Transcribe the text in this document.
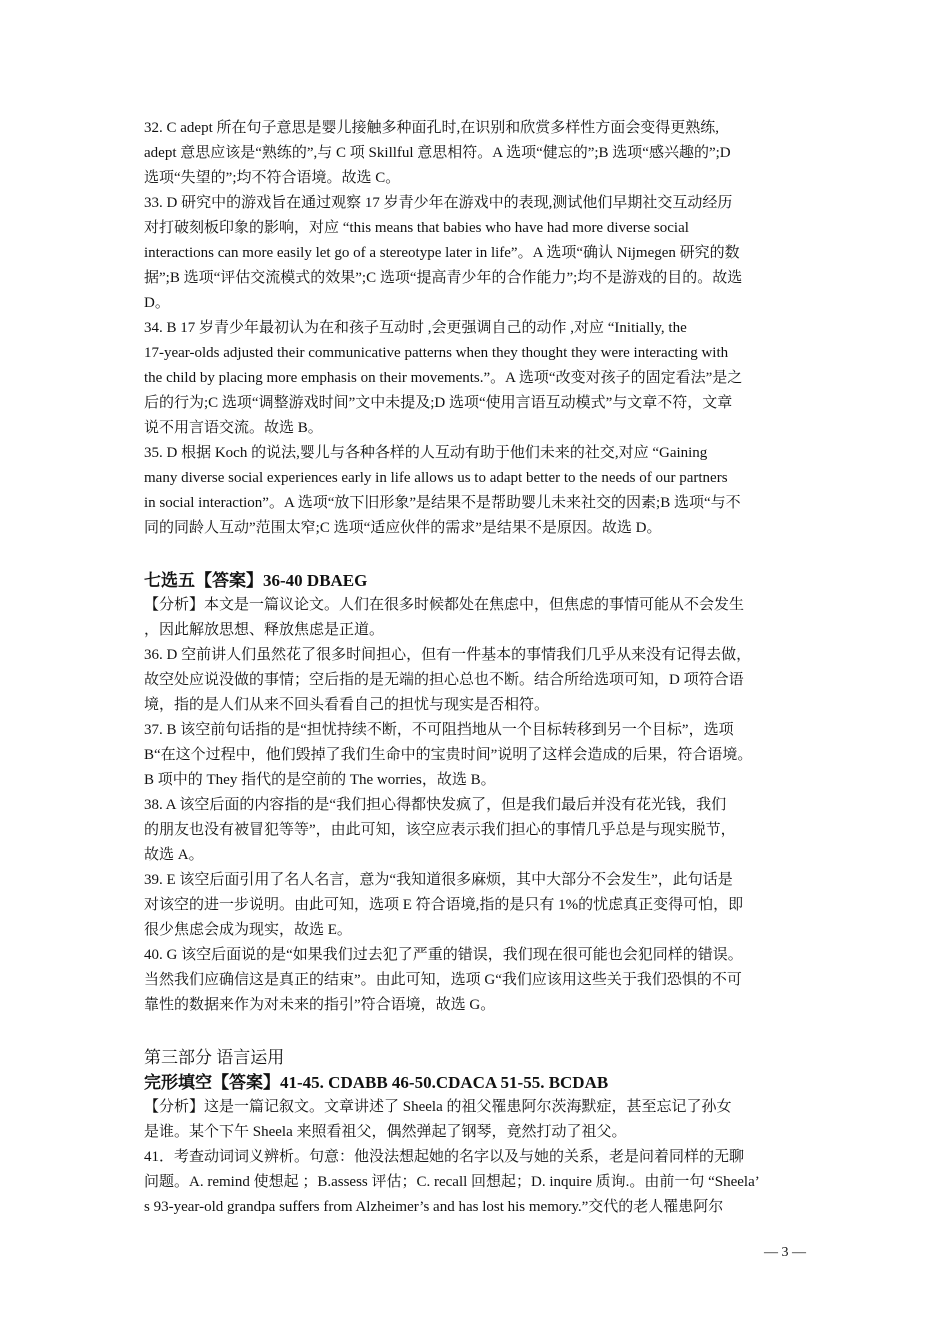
32. C adept 所在句子意思是婴儿接触多种面孔时,在识别和欣赏多样性方面会变得更熟练,
adept 意思应该是“熟练的”,与 C 项 Skillful 意思相符。A 选项“健忘的”;B 选项“感兴趣的”;D
选项“失望的”;均不符合语境。故选 C。
33. D 研究中的游戏旨在通过观察 17 岁青少年在游戏中的表现,测试他们早期社交互动经历
对打破刻板印象的影响，对应 “this means that babies who have had more diverse social
interactions can more easily let go of a stereotype later in life”。A 选项“确认 Nijmegen 研究的数
据”;B 选项“评估交流模式的效果”;C 选项“提高青少年的合作能力”;均不是游戏的目的。故选
D。
34. B 17 岁青少年最初认为在和孩子互动时 ,会更强调自己的动作 ,对应 “Initially, the
17-year-olds adjusted their communicative patterns when they thought they were interacting with
the child by placing more emphasis on their movements.”。A 选项“改变对孩子的固定看法”是之
后的行为;C 选项“调整游戏时间”文中未提及;D 选项“使用言语互动模式”与文章不符，文章
说不用言语交流。故选 B。
35. D 根据 Koch 的说法,婴儿与各种各样的人互动有助于他们未来的社交,对应 “Gaining
many diverse social experiences early in life allows us to adapt better to the needs of our partners
in social interaction”。A 选项“放下旧形象”是结果不是帮助婴儿未来社交的因素;B 选项“与不
同的同龄人互动”范围太窄;C 选项“适应伙伴的需求”是结果不是原因。故选 D。
七选五【答案】36-40 DBAEG
【分析】本文是一篇议论文。人们在很多时候都处在焦虑中，但焦虑的事情可能从不会发生
，因此解放思想、释放焦虑是正道。
36. D 空前讲人们虽然花了很多时间担心，但有一件基本的事情我们几乎从来没有记得去做，
故空处应说没做的事情；空后指的是无端的担心总也不断。结合所给选项可知，D 项符合语
境，指的是人们从来不回头看看自己的担忧与现实是否相符。
37. B 该空前句话指的是“担忧持续不断，不可阻挡地从一个目标转移到另一个目标”，选项
B“在这个过程中，他们毁掉了我们生命中的宝贵时间”说明了这样会造成的后果，符合语境。
B 项中的 They 指代的是空前的 The worries，故选 B。
38. A 该空后面的内容指的是“我们担心得都快发疯了，但是我们最后并没有花光钱，我们
的朋友也没有被冒犯等等”，由此可知，该空应表示我们担心的事情几乎总是与现实脱节，
故选 A。
39. E 该空后面引用了名人名言，意为“我知道很多麻烦，其中大部分不会发生”，此句话是
对该空的进一步说明。由此可知，选项 E 符合语境,指的是只有 1%的忧虑真正变得可怕，即
很少焦虑会成为现实，故选 E。
40. G 该空后面说的是“如果我们过去犯了严重的错误，我们现在很可能也会犯同样的错误。
当然我们应确信这是真正的结束”。由此可知，选项 G“我们应该用这些关于我们恐惧的不可
靠性的数据来作为对未来的指引”符合语境，故选 G。
第三部分 语言运用
完形填空【答案】41-45. CDABB 46-50.CDACA 51-55. BCDAB
【分析】这是一篇记叙文。文章讲述了 Sheela 的祖父罹患阿尔茨海默症，甚至忘记了孙女
是谁。某个下午 Sheela 来照看祖父，偶然弹起了钢琴，竟然打动了祖父。
41．考查动词词义辨析。句意：他没法想起她的名字以及与她的关系，老是问着同样的无聊
问题。A. remind 使想起 ；B.assess 评估；C. recall 回想起；D. inquire 质询.。由前一句 “Sheela’
s 93-year-old grandpa suffers from Alzheimer’s and has lost his memory.”交代的老人罹患阿尔
— 3 —
